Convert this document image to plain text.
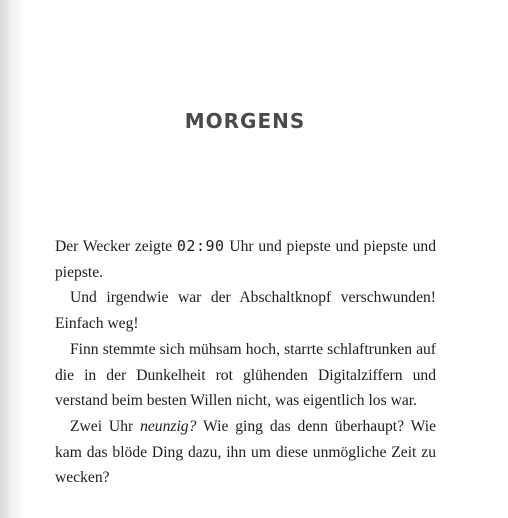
MORGENS

Der Wecker zeigte 02:90 Uhr und piepste und piepste und piepste.

Und irgendwie war der Abschaltknopf verschwunden! Einfach weg!

Finn stemmte sich mühsam hoch, starrte schlaftrunken auf die in der Dunkelheit rot glühenden Digitalziffern und verstand beim besten Willen nicht, was eigentlich los war.

Zwei Uhr neunzig? Wie ging das denn überhaupt? Wie kam das blöde Ding dazu, ihn um diese unmögliche Zeit zu wecken?
